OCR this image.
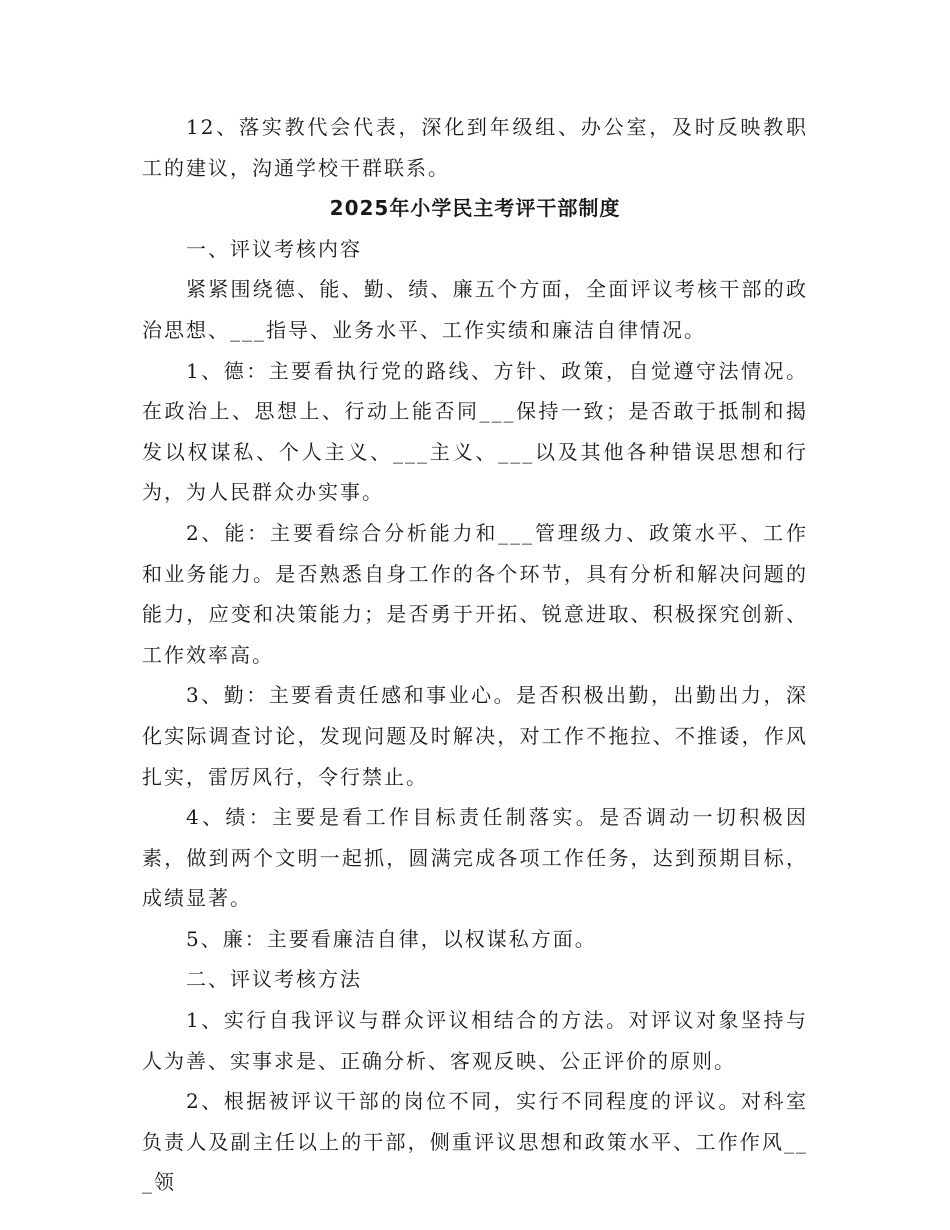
12、落实教代会代表，深化到年级组、办公室，及时反映教职工的建议，沟通学校干群联系。

2025年小学民主考评干部制度

一、评议考核内容

紧紧围绕德、能、勤、绩、廉五个方面，全面评议考核干部的政治思想、___指导、业务水平、工作实绩和廉洁自律情况。

1、德：主要看执行党的路线、方针、政策，自觉遵守法情况。在政治上、思想上、行动上能否同___保持一致；是否敢于抵制和揭发以权谋私、个人主义、___主义、___以及其他各种错误思想和行为，为人民群众办实事。

2、能：主要看综合分析能力和___管理级力、政策水平、工作和业务能力。是否熟悉自身工作的各个环节，具有分析和解决问题的能力，应变和决策能力；是否勇于开拓、锐意进取、积极探究创新、工作效率高。

3、勤：主要看责任感和事业心。是否积极出勤，出勤出力，深化实际调查讨论，发现问题及时解决，对工作不拖拉、不推诿，作风扎实，雷厉风行，令行禁止。

4、绩：主要是看工作目标责任制落实。是否调动一切积极因素，做到两个文明一起抓，圆满完成各项工作任务，达到预期目标，成绩显著。

5、廉：主要看廉洁自律，以权谋私方面。

二、评议考核方法

1、实行自我评议与群众评议相结合的方法。对评议对象坚持与人为善、实事求是、正确分析、客观反映、公正评价的原则。

2、根据被评议干部的岗位不同，实行不同程度的评议。对科室负责人及副主任以上的干部，侧重评议思想和政策水平、工作作风___领
